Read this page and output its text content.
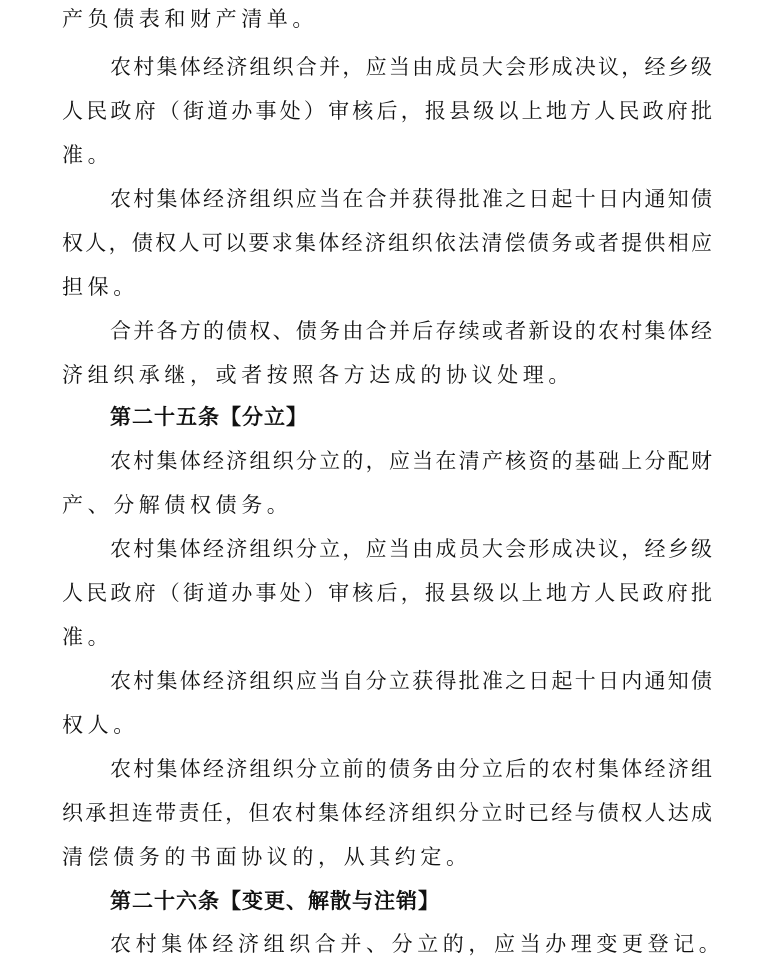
产负债表和财产清单。
农村集体经济组织合并，应当由成员大会形成决议，经乡级
人民政府（街道办事处）审核后，报县级以上地方人民政府批
准。
农村集体经济组织应当在合并获得批准之日起十日内通知债
权人，债权人可以要求集体经济组织依法清偿债务或者提供相应
担保。
合并各方的债权、债务由合并后存续或者新设的农村集体经
济组织承继，或者按照各方达成的协议处理。
第二十五条【分立】
农村集体经济组织分立的，应当在清产核资的基础上分配财
产、分解债权债务。
农村集体经济组织分立，应当由成员大会形成决议，经乡级
人民政府（街道办事处）审核后，报县级以上地方人民政府批
准。
农村集体经济组织应当自分立获得批准之日起十日内通知债
权人。
农村集体经济组织分立前的债务由分立后的农村集体经济组
织承担连带责任，但农村集体经济组织分立时已经与债权人达成
清偿债务的书面协议的，从其约定。
第二十六条【变更、解散与注销】
农村集体经济组织合并、分立的，应当办理变更登记。
